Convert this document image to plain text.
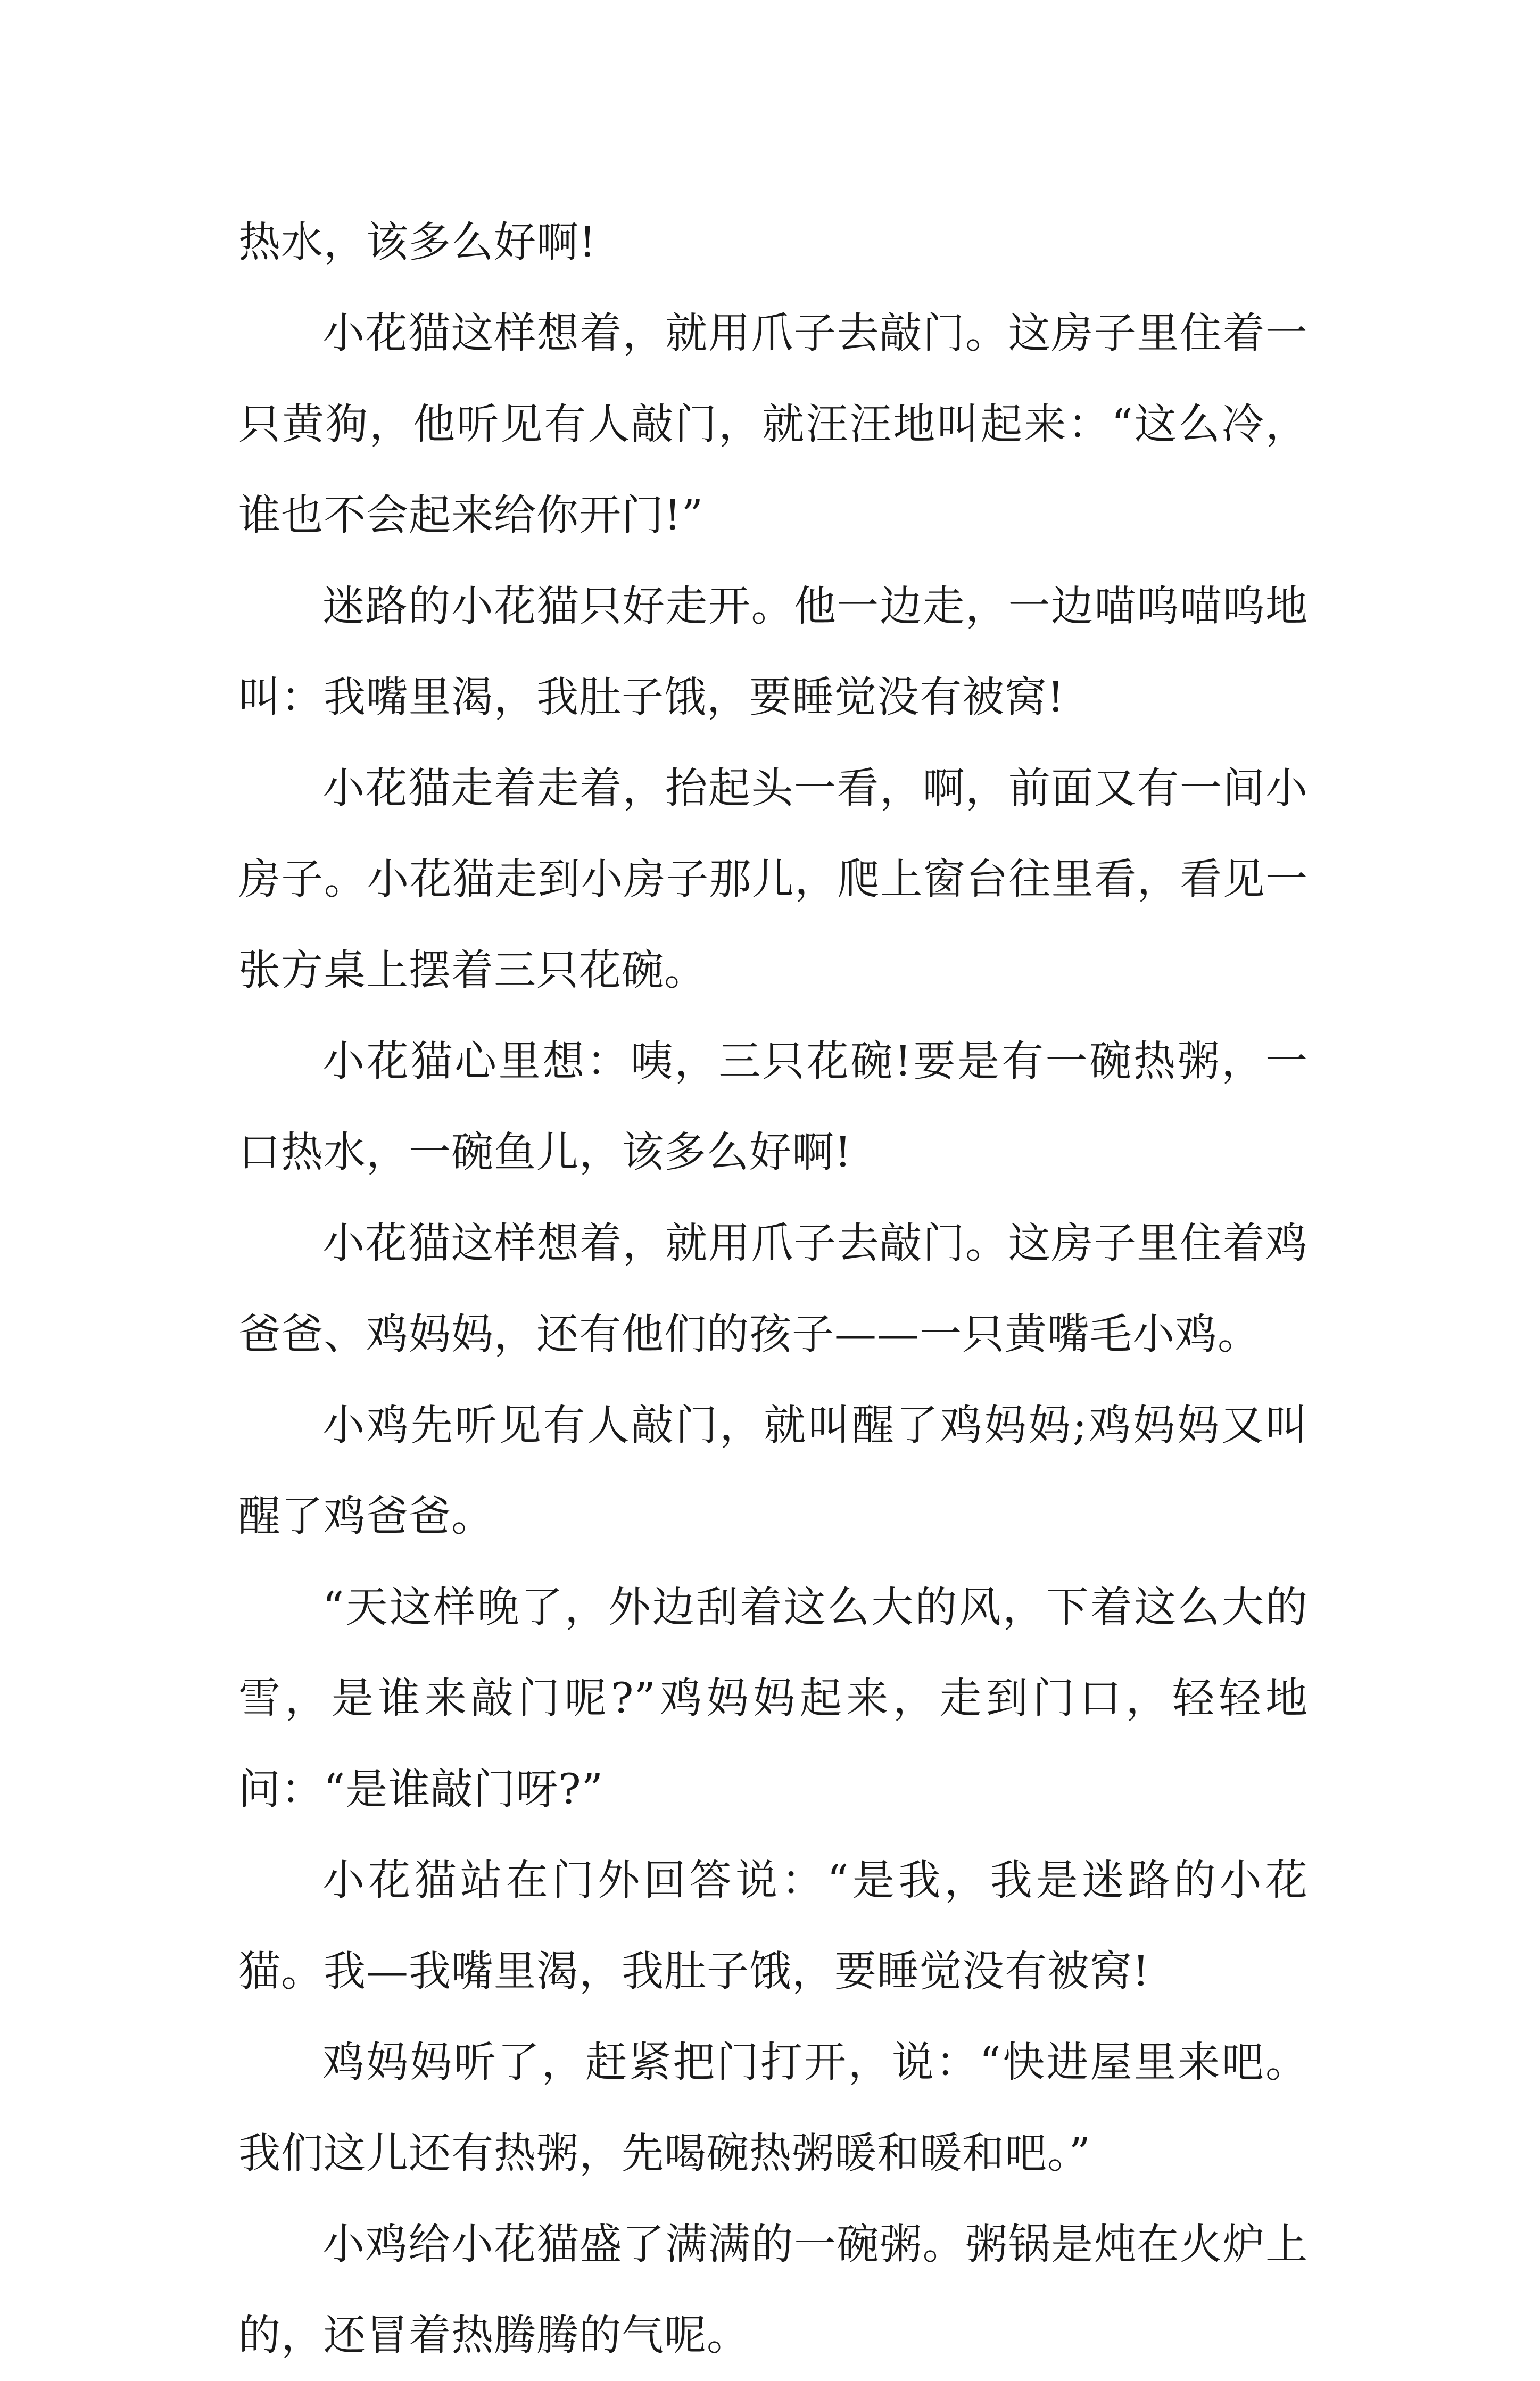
热水，该多么好啊!

小花猫这样想着，就用爪子去敲门。这房子里住着一只黄狗，他听见有人敲门，就汪汪地叫起来：“这么冷，谁也不会起来给你开门!”

迷路的小花猫只好走开。他一边走，一边喵呜喵呜地叫：我嘴里渴，我肚子饿，要睡觉没有被窝!

小花猫走着走着，抬起头一看，啊，前面又有一间小房子。小花猫走到小房子那儿，爬上窗台往里看，看见一张方桌上摆着三只花碗。

小花猫心里想：咦，三只花碗!要是有一碗热粥，一口热水，一碗鱼儿，该多么好啊!

小花猫这样想着，就用爪子去敲门。这房子里住着鸡爸爸、鸡妈妈，还有他们的孩子——一只黄嘴毛小鸡。

小鸡先听见有人敲门，就叫醒了鸡妈妈;鸡妈妈又叫醒了鸡爸爸。

“天这样晚了，外边刮着这么大的风，下着这么大的雪，是谁来敲门呢?”鸡妈妈起来，走到门口，轻轻地问：“是谁敲门呀?”

小花猫站在门外回答说：“是我，我是迷路的小花猫。我—我嘴里渴，我肚子饿，要睡觉没有被窝!

鸡妈妈听了，赶紧把门打开，说：“快进屋里来吧。我们这儿还有热粥，先喝碗热粥暖和暖和吧。”

小鸡给小花猫盛了满满的一碗粥。粥锅是炖在火炉上的，还冒着热腾腾的气呢。
